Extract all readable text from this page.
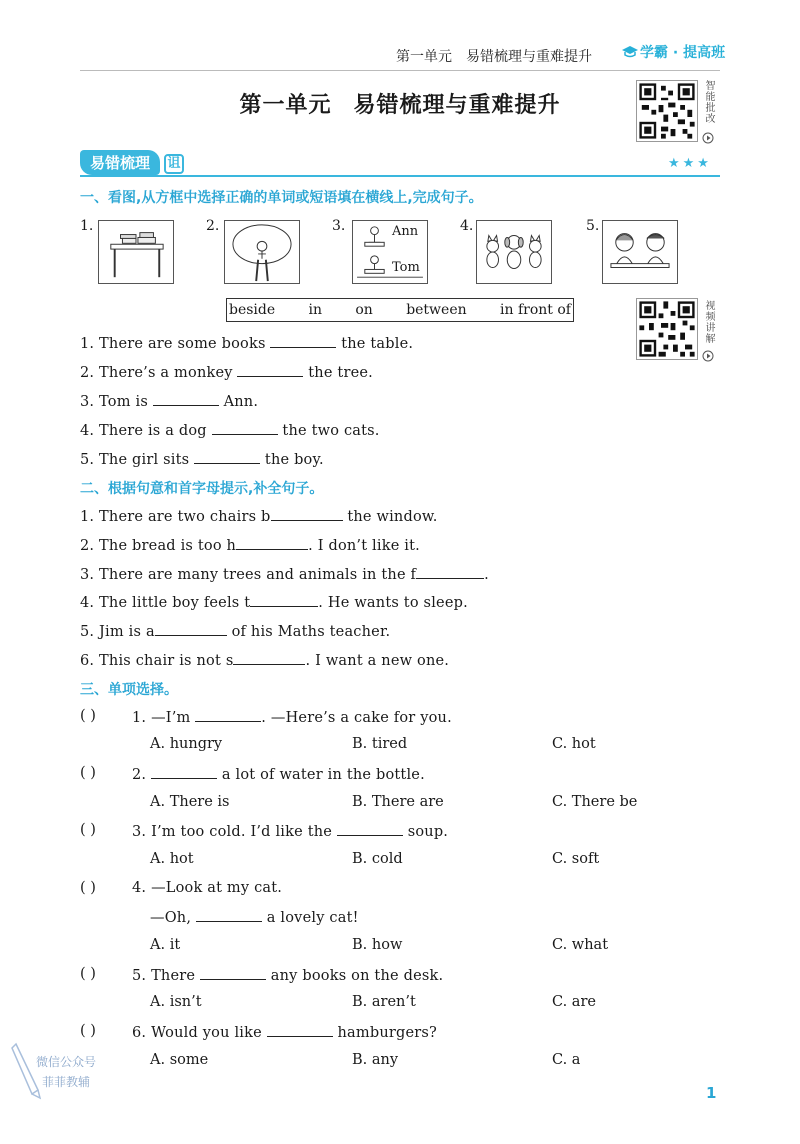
第一单元 易错梳理与重难提升	学霸 · 提高班
第一单元 易错梳理与重难提升	智能批改
视频讲解
易错梳理 诅	★★★
一、看图,从方框中选择正确的单词或短语填在横线上,完成句子。
1.	2.	3.	Ann
Tom
4.	5.
beside in on between in front of
1. There are some books	the table.
2. There’s a monkey	the tree.
3. Tom is	Ann.
4. There is a dog	the two cats.
5. The girl sits	the boy.
二、根据句意和首字母提示,补全句子。
1. There are two chairs b	the window.
2. The bread is too h	. I don’t like it.
3. There are many trees and animals in the f	.
4. The little boy feels t	. He wants to sleep.
5. Jim is a	of his Maths teacher.
6. This chair is not s	. I want a new one.
三、单项选择。
( ) 1. —I’m	. —Here’s a cake for you.
A. hungry	B. tired	C. hot
( ) 2.	a lot of water in the bottle.
A. There is	B. There are	C. There be
( ) 3. I’m too cold. I’d like the	soup.
A. hot	B. cold	C. soft
( ) 4. —Look at my cat.
—Oh,	a lovely cat!
A. it	B. how	C. what
( ) 5. There	any books on the desk.
A. isn’t	B. aren’t	C. are
( ) 6. Would you like	hamburgers?
A. some	B. any	C. a
微信公众号
菲菲教辅
1
